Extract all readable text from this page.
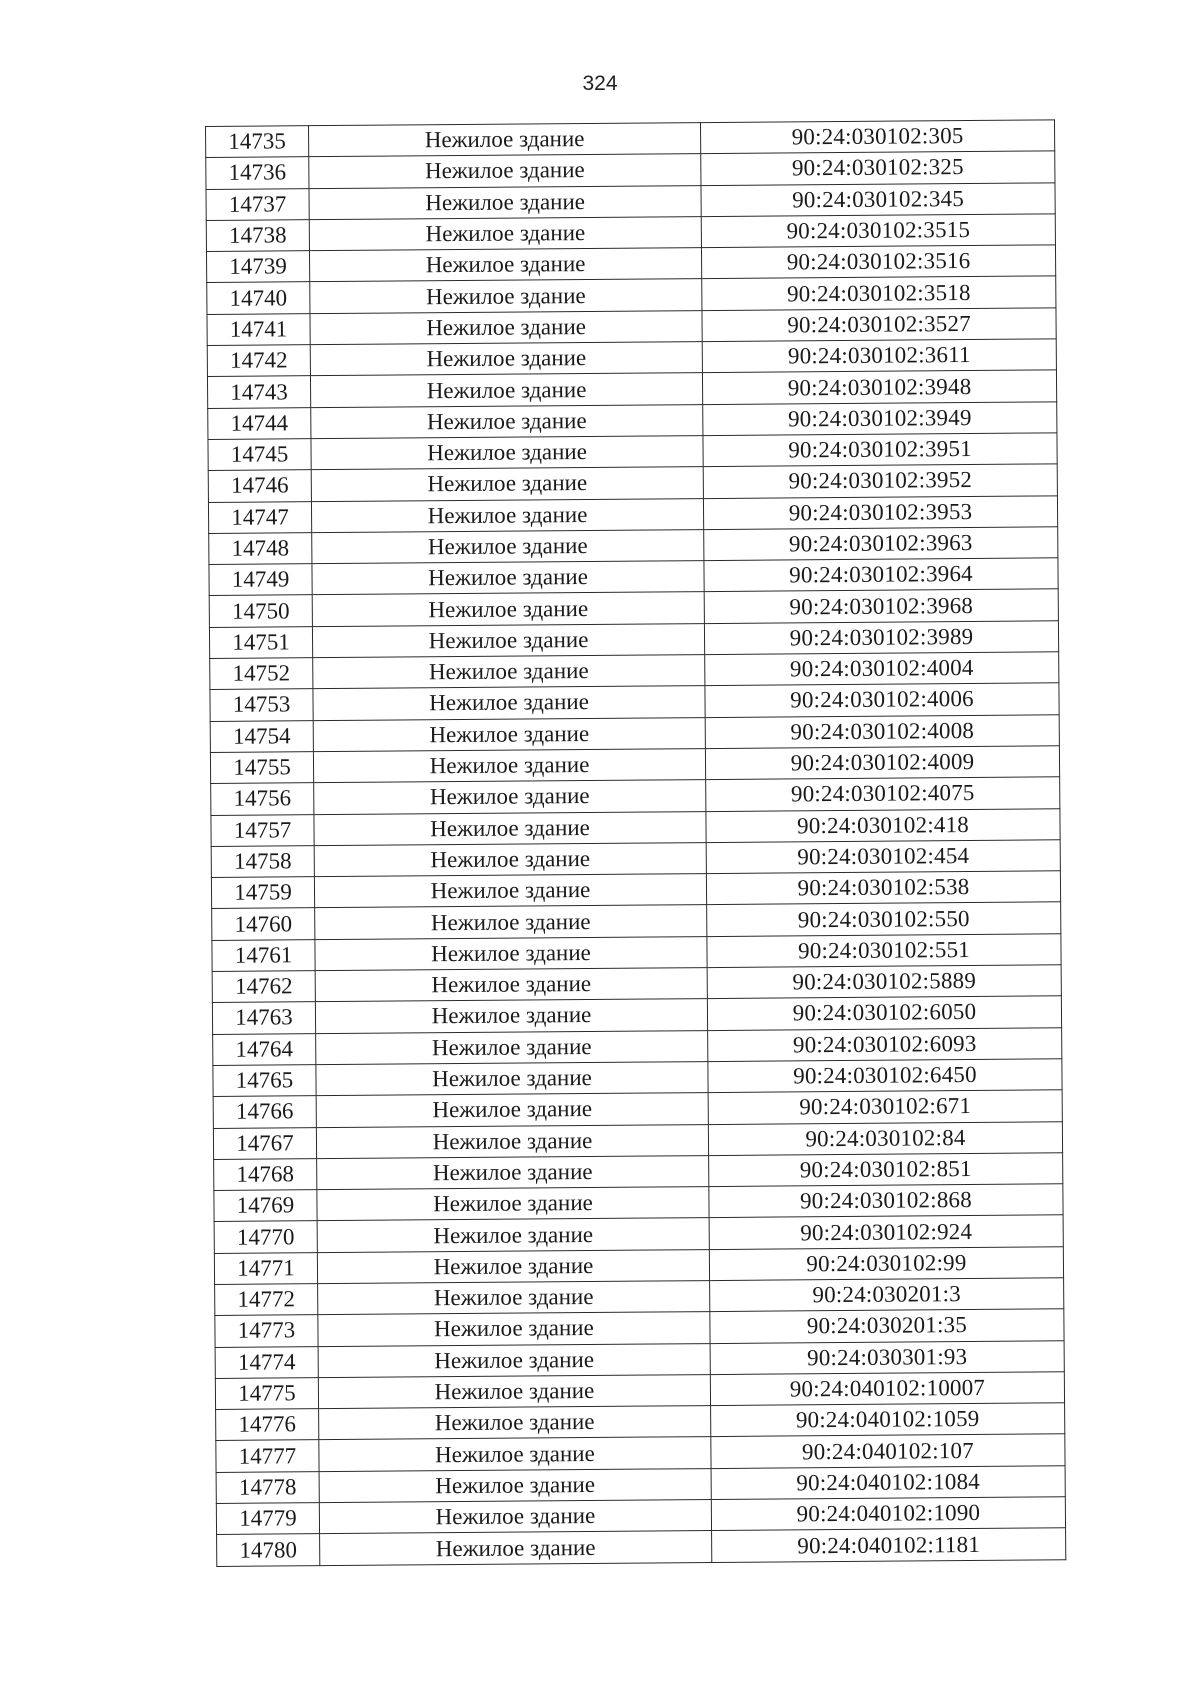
324
14735	Нежилое здание	90:24:030102:305
14736	Нежилое здание	90:24:030102:325
14737	Нежилое здание	90:24:030102:345
14738	Нежилое здание	90:24:030102:3515
14739	Нежилое здание	90:24:030102:3516
14740	Нежилое здание	90:24:030102:3518
14741	Нежилое здание	90:24:030102:3527
14742	Нежилое здание	90:24:030102:3611
14743	Нежилое здание	90:24:030102:3948
14744	Нежилое здание	90:24:030102:3949
14745	Нежилое здание	90:24:030102:3951
14746	Нежилое здание	90:24:030102:3952
14747	Нежилое здание	90:24:030102:3953
14748	Нежилое здание	90:24:030102:3963
14749	Нежилое здание	90:24:030102:3964
14750	Нежилое здание	90:24:030102:3968
14751	Нежилое здание	90:24:030102:3989
14752	Нежилое здание	90:24:030102:4004
14753	Нежилое здание	90:24:030102:4006
14754	Нежилое здание	90:24:030102:4008
14755	Нежилое здание	90:24:030102:4009
14756	Нежилое здание	90:24:030102:4075
14757	Нежилое здание	90:24:030102:418
14758	Нежилое здание	90:24:030102:454
14759	Нежилое здание	90:24:030102:538
14760	Нежилое здание	90:24:030102:550
14761	Нежилое здание	90:24:030102:551
14762	Нежилое здание	90:24:030102:5889
14763	Нежилое здание	90:24:030102:6050
14764	Нежилое здание	90:24:030102:6093
14765	Нежилое здание	90:24:030102:6450
14766	Нежилое здание	90:24:030102:671
14767	Нежилое здание	90:24:030102:84
14768	Нежилое здание	90:24:030102:851
14769	Нежилое здание	90:24:030102:868
14770	Нежилое здание	90:24:030102:924
14771	Нежилое здание	90:24:030102:99
14772	Нежилое здание	90:24:030201:3
14773	Нежилое здание	90:24:030201:35
14774	Нежилое здание	90:24:030301:93
14775	Нежилое здание	90:24:040102:10007
14776	Нежилое здание	90:24:040102:1059
14777	Нежилое здание	90:24:040102:107
14778	Нежилое здание	90:24:040102:1084
14779	Нежилое здание	90:24:040102:1090
14780	Нежилое здание	90:24:040102:1181
